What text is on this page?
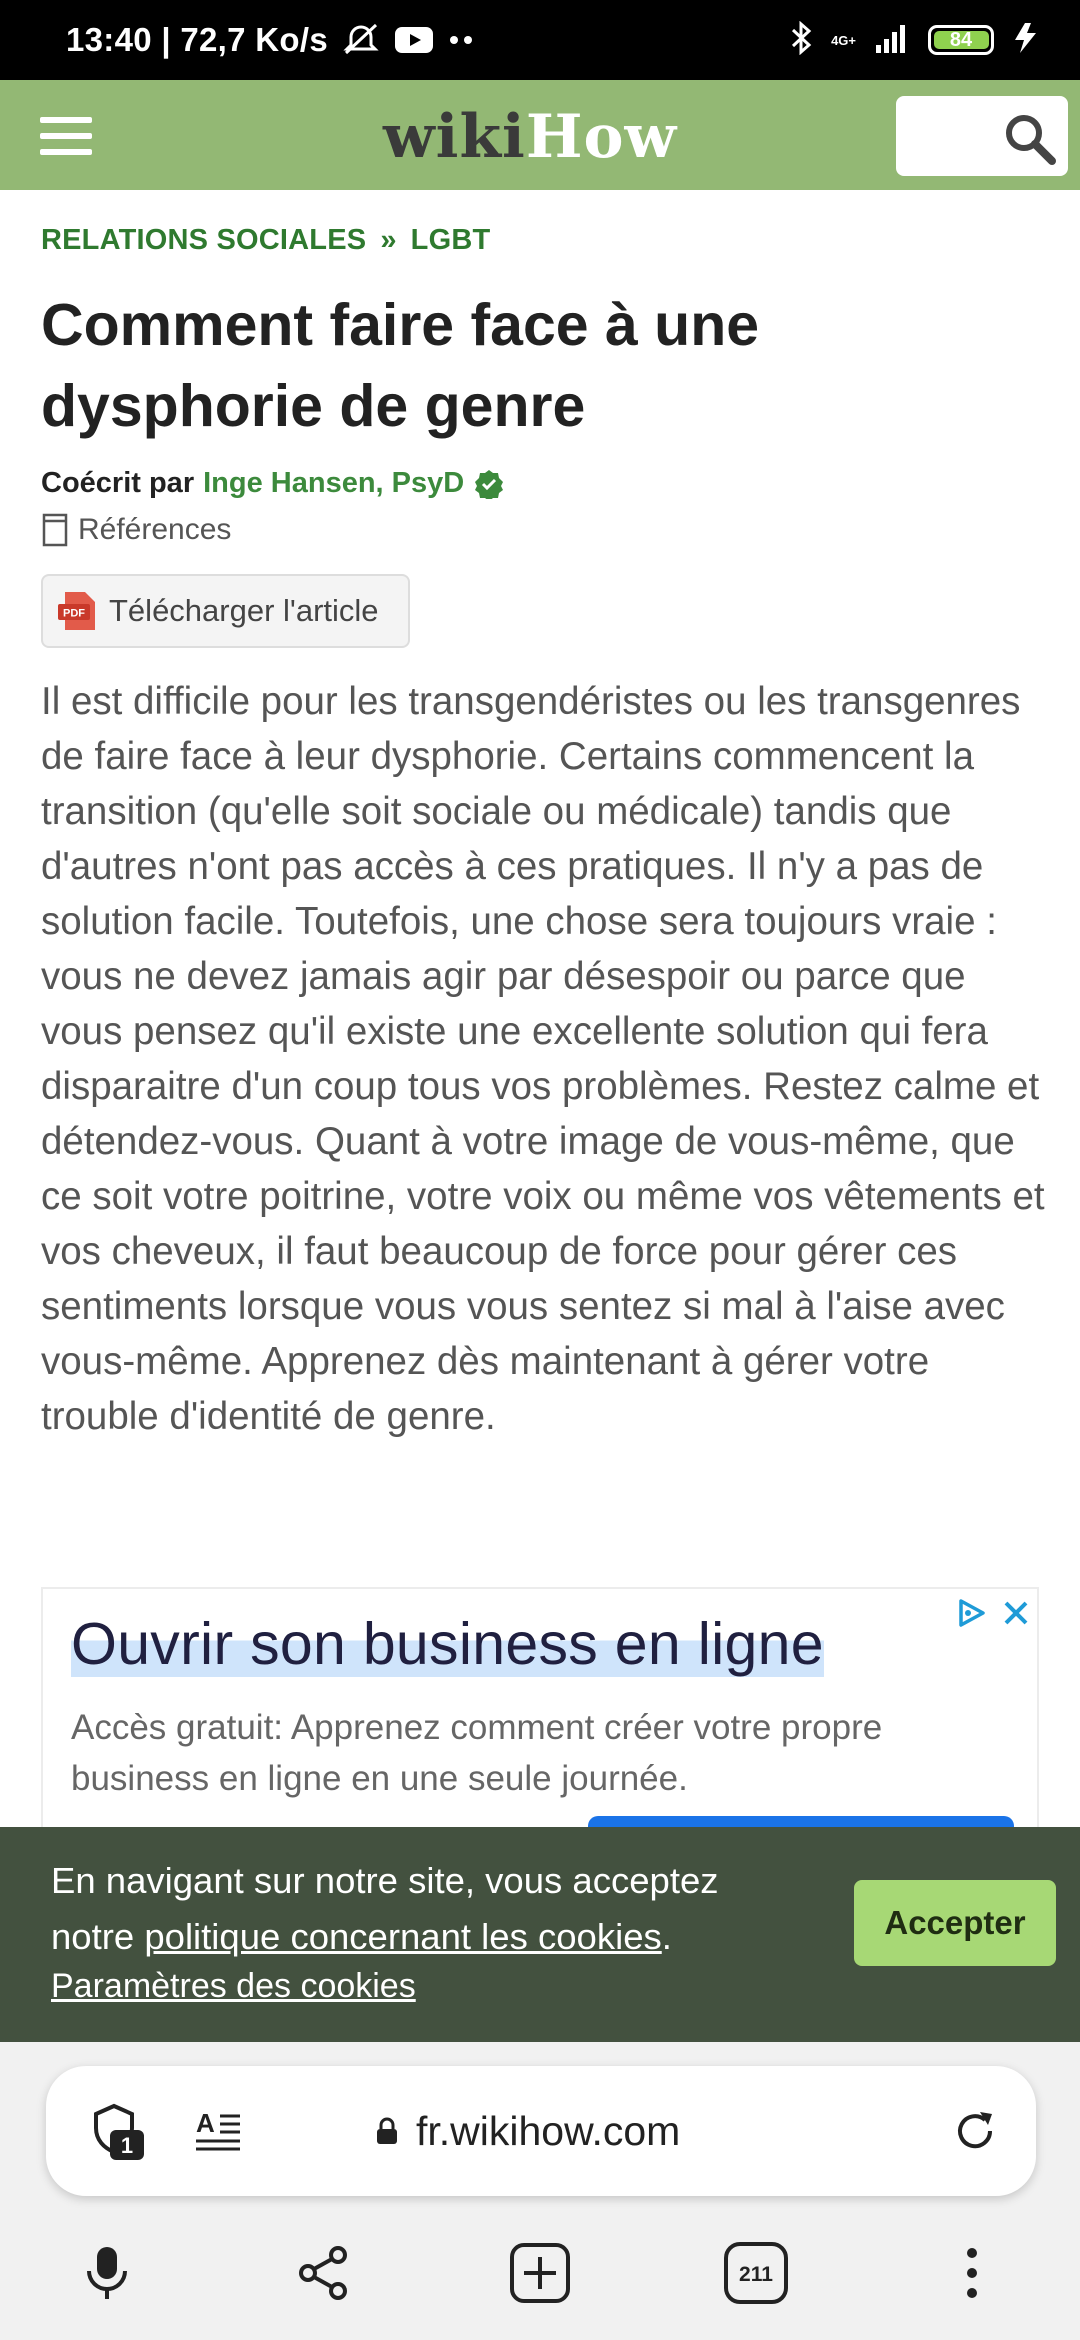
13:40 | 72,7 Ko/s	4G+	84
wikiHow
RELATIONS SOCIALES » LGBT
Comment faire face à une dysphorie de genre
Coécrit par Inge Hansen, PsyD
Références
PDF Télécharger l'article

Il est difficile pour les transgendéristes ou les transgenres de faire face à leur dysphorie. Certains commencent la transition (qu'elle soit sociale ou médicale) tandis que d'autres n'ont pas accès à ces pratiques. Il n'y a pas de solution facile. Toutefois, une chose sera toujours vraie : vous ne devez jamais agir par désespoir ou parce que vous pensez qu'il existe une excellente solution qui fera disparaitre d'un coup tous vos problèmes. Restez calme et détendez-vous. Quant à votre image de vous-même, que ce soit votre poitrine, votre voix ou même vos vêtements et vos cheveux, il faut beaucoup de force pour gérer ces sentiments lorsque vous vous sentez si mal à l'aise avec vous-même. Apprenez dès maintenant à gérer votre trouble d'identité de genre.

Ouvrir son business en ligne
Accès gratuit: Apprenez comment créer votre propre business en ligne en une seule journée.
En navigant sur notre site, vous acceptez notre politique concernant les cookies.
Paramètres des cookies
Accepter
1
A	fr.wikihow.com
211
